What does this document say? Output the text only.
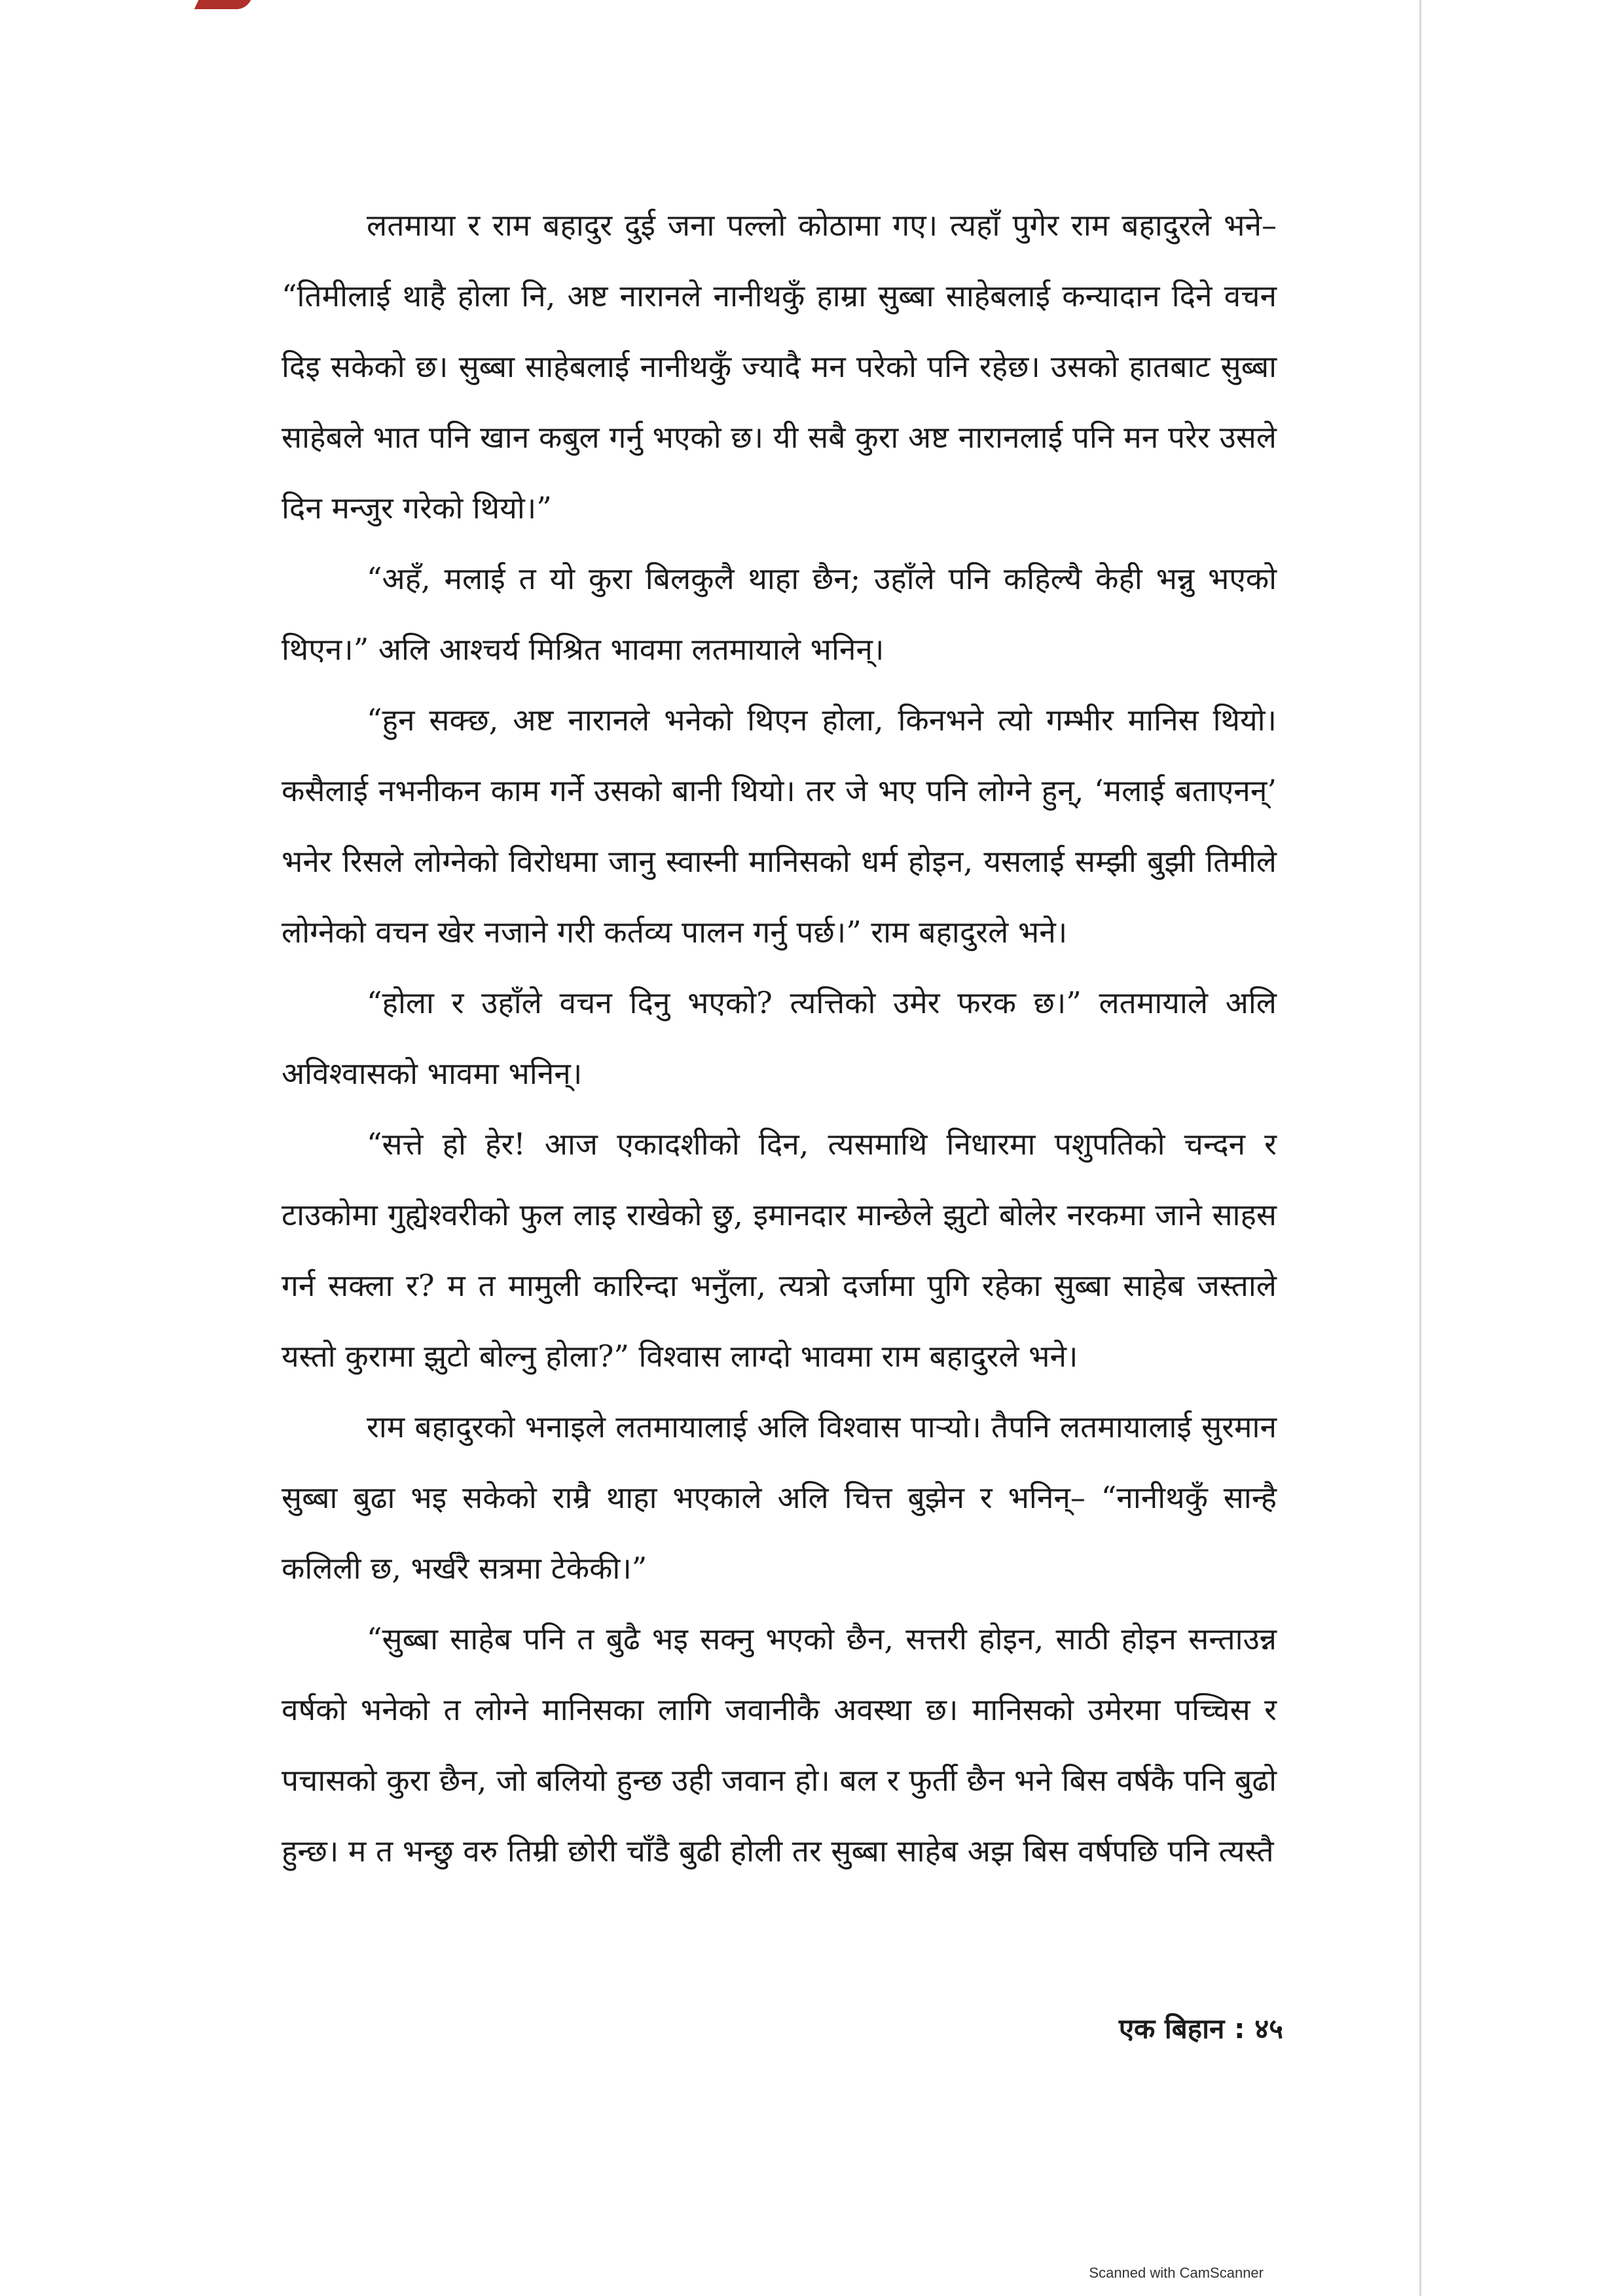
लतमाया र राम बहादुर दुई जना पल्लो कोठामा गए। त्यहाँ पुगेर राम बहादुरले भने– “तिमीलाई थाहै होला नि, अष्ट नारानले नानीथकुँ हाम्रा सुब्बा साहेबलाई कन्यादान दिने वचन दिइ सकेको छ। सुब्बा साहेबलाई नानीथकुँ ज्यादै मन परेको पनि रहेछ। उसको हातबाट सुब्बा साहेबले भात पनि खान कबुल गर्नु भएको छ। यी सबै कुरा अष्ट नारानलाई पनि मन परेर उसले दिन मन्जुर गरेको थियो।”

“अहँ, मलाई त यो कुरा बिलकुलै थाहा छैन; उहाँले पनि कहिल्यै केही भन्नु भएको थिएन।” अलि आश्चर्य मिश्रित भावमा लतमायाले भनिन्।

“हुन सक्छ, अष्ट नारानले भनेको थिएन होला, किनभने त्यो गम्भीर मानिस थियो। कसैलाई नभनीकन काम गर्ने उसको बानी थियो। तर जे भए पनि लोग्ने हुन्, ‘मलाई बताएनन्’ भनेर रिसले लोग्नेको विरोधमा जानु स्वास्नी मानिसको धर्म होइन, यसलाई सम्झी बुझी तिमीले लोग्नेको वचन खेर नजाने गरी कर्तव्य पालन गर्नु पर्छ।” राम बहादुरले भने।

“होला र उहाँले वचन दिनु भएको? त्यत्तिको उमेर फरक छ।” लतमायाले अलि अविश्वासको भावमा भनिन्।

“सत्ते हो हेर! आज एकादशीको दिन, त्यसमाथि निधारमा पशुपतिको चन्दन र टाउकोमा गुह्येश्वरीको फुल लाइ राखेको छु, इमानदार मान्छेले झुटो बोलेर नरकमा जाने साहस गर्न सक्ला र? म त मामुली कारिन्दा भनुँला, त्यत्रो दर्जामा पुगि रहेका सुब्बा साहेब जस्ताले यस्तो कुरामा झुटो बोल्नु होला?” विश्वास लाग्दो भावमा राम बहादुरले भने।

राम बहादुरको भनाइले लतमायालाई अलि विश्वास पाऱ्यो। तैपनि लतमायालाई सुरमान सुब्बा बुढा भइ सकेको राम्रै थाहा भएकाले अलि चित्त बुझेन र भनिन्– “नानीथकुँ सान्है कलिली छ, भर्खरै सत्रमा टेकेकी।”

“सुब्बा साहेब पनि त बुढै भइ सक्नु भएको छैन, सत्तरी होइन, साठी होइन सन्ताउन्न वर्षको भनेको त लोग्ने मानिसका लागि जवानीकै अवस्था छ। मानिसको उमेरमा पच्चिस र पचासको कुरा छैन, जो बलियो हुन्छ उही जवान हो। बल र फुर्ती छैन भने बिस वर्षकै पनि बुढो हुन्छ। म त भन्छु वरु तिम्री छोरी चाँडै बुढी होली तर सुब्बा साहेब अझ बिस वर्षपछि पनि त्यस्तै

एक बिहान : ४५
Scanned with CamScanner
